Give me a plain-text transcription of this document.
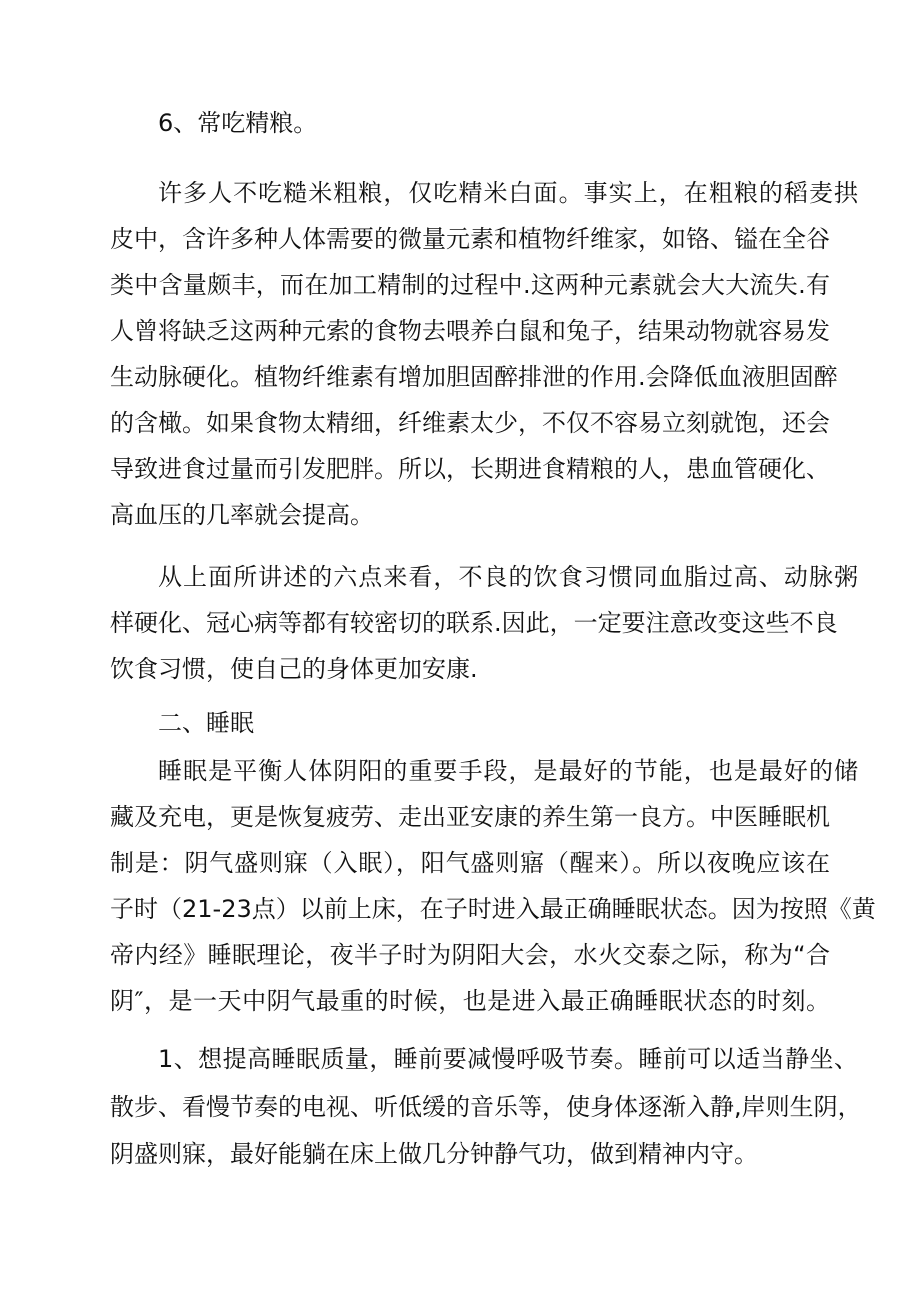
6、常吃精粮。
许多人不吃糙米粗粮，仅吃精米白面。事实上，在粗粮的稻麦拱
皮中，含许多种人体需要的微量元素和植物纤维家，如铬、镒在全谷
类中含量颇丰，而在加工精制的过程中.这两种元素就会大大流失.有
人曾将缺乏这两种元索的食物去喂养白鼠和兔子，结果动物就容易发
生动脉硬化。植物纤维素有增加胆固醉排泄的作用.会降低血液胆固醉
的含橄。如果食物太精细，纤维素太少，不仅不容易立刻就饱，还会
导致进食过量而引发肥胖。所以，长期进食精粮的人，患血管硬化、
高血压的几率就会提高。
从上面所讲述的六点来看，不良的饮食习惯同血脂过高、动脉粥
样硬化、冠心病等都有较密切的联系.因此，一定要注意改变这些不良
饮食习惯，使自己的身体更加安康.
二、睡眠
睡眠是平衡人体阴阳的重要手段，是最好的节能，也是最好的储
藏及充电，更是恢复疲劳、走出亚安康的养生第一良方。中医睡眠机
制是：阴气盛则寐（入眠），阳气盛则寤（醒来）。所以夜晚应该在
子时（21-23点）以前上床，在子时进入最正确睡眠状态。因为按照《黄
帝内经》睡眠理论，夜半子时为阴阳大会，水火交泰之际，称为“合
阴″，是一天中阴气最重的时候，也是进入最正确睡眠状态的时刻。
1、想提高睡眠质量，睡前要减慢呼吸节奏。睡前可以适当静坐、
散步、看慢节奏的电视、听低缓的音乐等，使身体逐渐入静,岸则生阴，
阴盛则寐，最好能躺在床上做几分钟静气功，做到精神内守。
